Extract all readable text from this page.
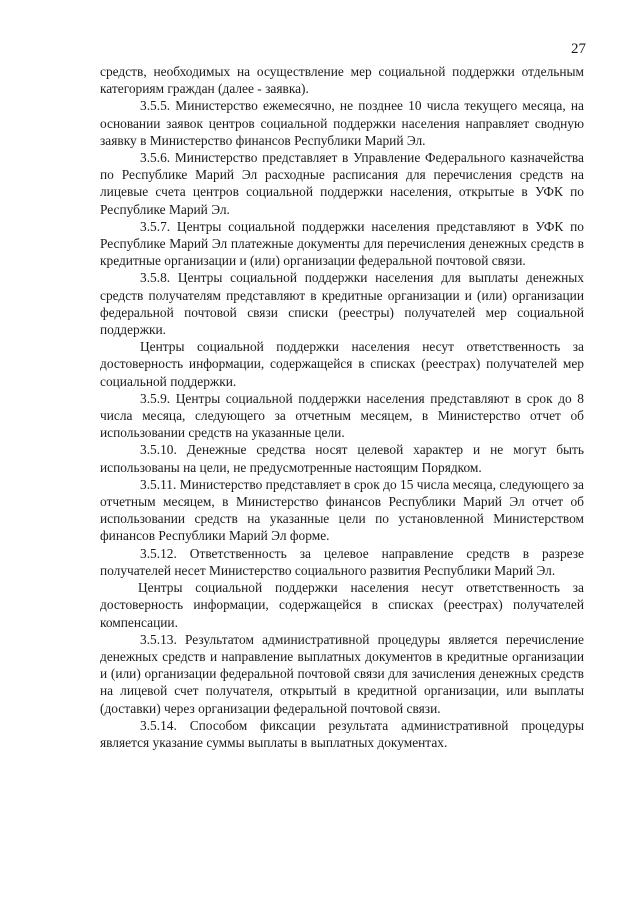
27

средств, необходимых на осуществление мер социальной поддержки отдельным категориям граждан (далее - заявка).

3.5.5. Министерство ежемесячно, не позднее 10 числа текущего месяца, на основании заявок центров социальной поддержки населения направляет сводную заявку в Министерство финансов Республики Марий Эл.

3.5.6. Министерство представляет в Управление Федерального казначейства по Республике Марий Эл расходные расписания для перечисления средств на лицевые счета центров социальной поддержки населения, открытые в УФК по Республике Марий Эл.

3.5.7. Центры социальной поддержки населения представляют в УФК по Республике Марий Эл платежные документы для перечисления денежных средств в кредитные организации и (или) организации федеральной почтовой связи.

3.5.8. Центры социальной поддержки населения для выплаты денежных средств получателям представляют в кредитные организации и (или) организации федеральной почтовой связи списки (реестры) получателей мер социальной поддержки.

Центры социальной поддержки населения несут ответственность за достоверность информации, содержащейся в списках (реестрах) получателей мер социальной поддержки.

3.5.9. Центры социальной поддержки населения представляют в срок до 8 числа месяца, следующего за отчетным месяцем, в Министерство отчет об использовании средств на указанные цели.

3.5.10. Денежные средства носят целевой характер и не могут быть использованы на цели, не предусмотренные настоящим Порядком.

3.5.11. Министерство представляет в срок до 15 числа месяца, следующего за отчетным месяцем, в Министерство финансов Республики Марий Эл отчет об использовании средств на указанные цели по установленной Министерством финансов Республики Марий Эл форме.

3.5.12. Ответственность за целевое направление средств в разрезе получателей несет Министерство социального развития Республики Марий Эл.

Центры социальной поддержки населения несут ответственность за достоверность информации, содержащейся в списках (реестрах) получателей компенсации.

3.5.13. Результатом административной процедуры является перечисление денежных средств и направление выплатных документов в кредитные организации и (или) организации федеральной почтовой связи для зачисления денежных средств на лицевой счет получателя, открытый в кредитной организации, или выплаты (доставки) через организации федеральной почтовой связи.

3.5.14. Способом фиксации результата административной процедуры является указание суммы выплаты в выплатных документах.
